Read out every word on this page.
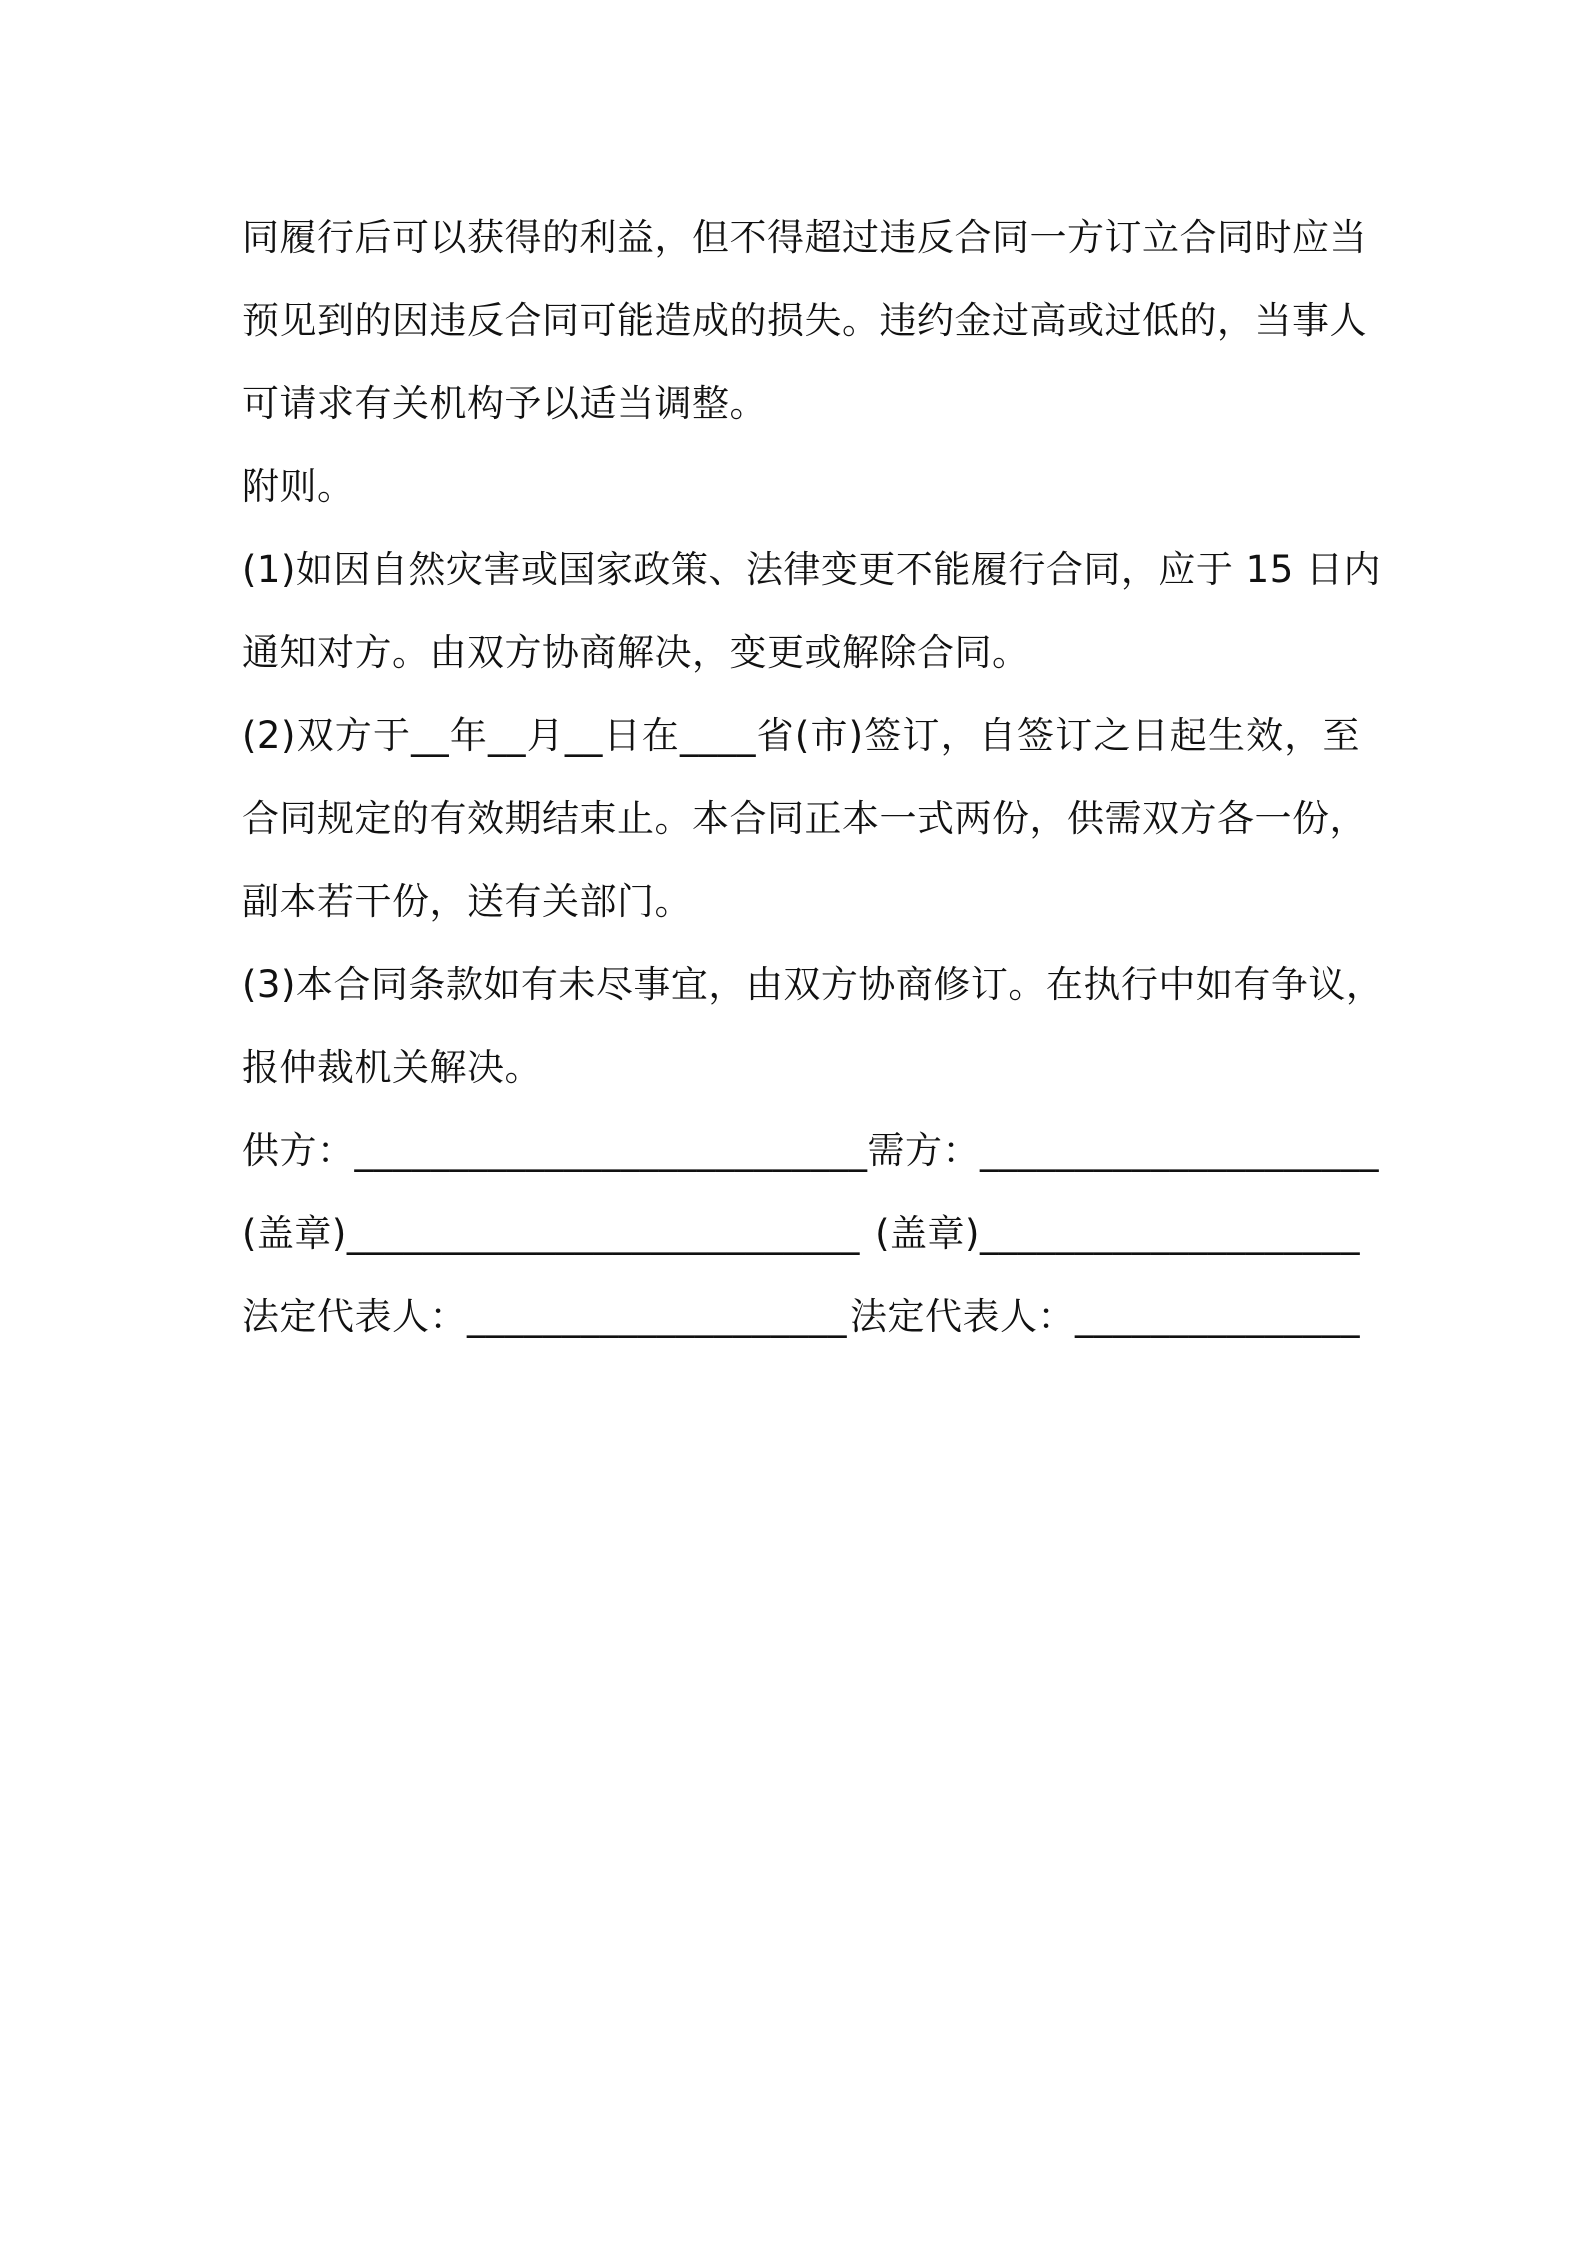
同履行后可以获得的利益，但不得超过违反合同一方订立合同时应当
预见到的因违反合同可能造成的损失。违约金过高或过低的，当事人
可请求有关机构予以适当调整。
附则。
(1)如因自然灾害或国家政策、法律变更不能履行合同，应于 15 日内
通知对方。由双方协商解决，变更或解除合同。
(2)双方于__年__月__日在____省(市)签订，自签订之日起生效，至
合同规定的有效期结束止。本合同正本一式两份，供需双方各一份，
副本若干份，送有关部门。
(3)本合同条款如有未尽事宜，由双方协商修订。在执行中如有争议，
报仲裁机关解决。
供方：___________________________ 需方：_____________________
(盖章)___________________________ (盖章)____________________
法定代表人：____________________ 法定代表人：_______________
